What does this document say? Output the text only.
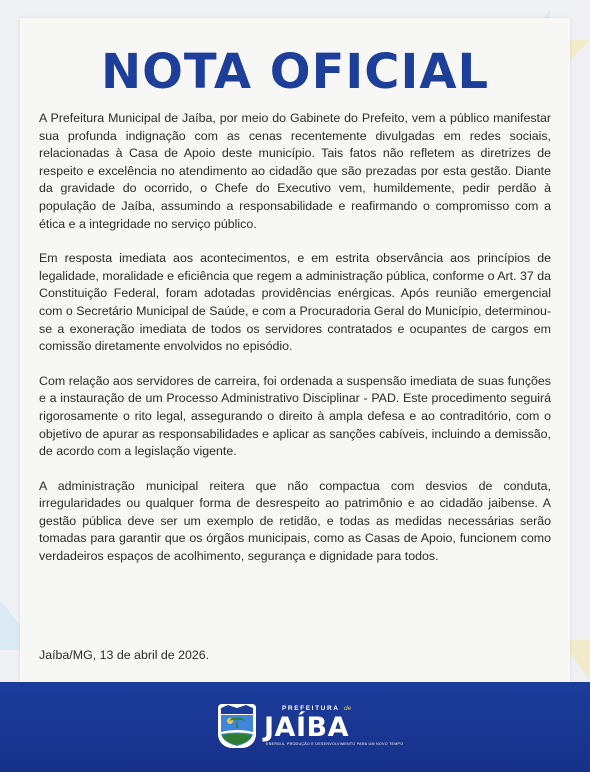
NOTA OFICIAL

A Prefeitura Municipal de Jaíba, por meio do Gabinete do Prefeito, vem a público manifestar sua profunda indignação com as cenas recentemente divulgadas em redes sociais, relacionadas à Casa de Apoio deste município. Tais fatos não refletem as diretrizes de respeito e excelência no atendimento ao cidadão que são prezadas por esta gestão. Diante da gravidade do ocorrido, o Chefe do Executivo vem, humildemente, pedir perdão à população de Jaíba, assumindo a responsabilidade e reafirmando o compromisso com a ética e a integridade no serviço público.

Em resposta imediata aos acontecimentos, e em estrita observância aos princípios de legalidade, moralidade e eficiência que regem a administração pública, conforme o Art. 37 da Constituição Federal, foram adotadas providências enérgicas. Após reunião emergencial com o Secretário Municipal de Saúde, e com a Procuradoria Geral do Município, determinou-se a exoneração imediata de todos os servidores contratados e ocupantes de cargos em comissão diretamente envolvidos no episódio.

Com relação aos servidores de carreira, foi ordenada a suspensão imediata de suas funções e a instauração de um Processo Administrativo Disciplinar - PAD. Este procedimento seguirá rigorosamente o rito legal, assegurando o direito à ampla defesa e ao contraditório, com o objetivo de apurar as responsabilidades e aplicar as sanções cabíveis, incluindo a demissão, de acordo com a legislação vigente.

A administração municipal reitera que não compactua com desvios de conduta, irregularidades ou qualquer forma de desrespeito ao patrimônio e ao cidadão jaibense. A gestão pública deve ser um exemplo de retidão, e todas as medidas necessárias serão tomadas para garantir que os órgãos municipais, como as Casas de Apoio, funcionem como verdadeiros espaços de acolhimento, segurança e dignidade para todos.

Jaíba/MG, 13 de abril de 2026.
PREFEITURA de
JAÍBA
ENERGIA, PRODUÇÃO E DESENVOLVIMENTO PARA UM NOVO TEMPO
